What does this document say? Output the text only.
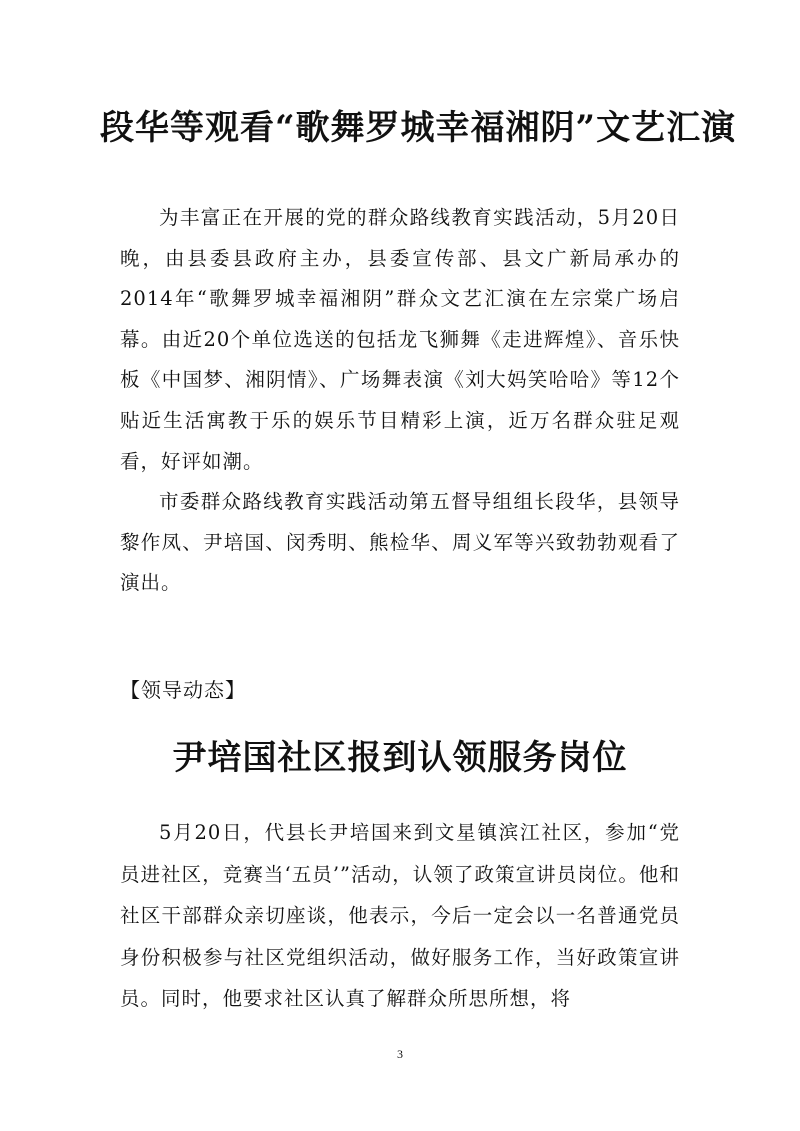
段华等观看“歌舞罗城幸福湘阴”文艺汇演

为丰富正在开展的党的群众路线教育实践活动，5月20日晚，由县委县政府主办，县委宣传部、县文广新局承办的2014年“歌舞罗城幸福湘阴”群众文艺汇演在左宗棠广场启幕。由近20个单位选送的包括龙飞狮舞《走进辉煌》、音乐快板《中国梦、湘阴情》、广场舞表演《刘大妈笑哈哈》等12个贴近生活寓教于乐的娱乐节目精彩上演，近万名群众驻足观看，好评如潮。

市委群众路线教育实践活动第五督导组组长段华，县领导黎作凤、尹培国、闵秀明、熊检华、周义军等兴致勃勃观看了演出。

【领导动态】
尹培国社区报到认领服务岗位

5月20日，代县长尹培国来到文星镇滨江社区，参加“党员进社区，竞赛当‘五员’”活动，认领了政策宣讲员岗位。他和社区干部群众亲切座谈，他表示，今后一定会以一名普通党员身份积极参与社区党组织活动，做好服务工作，当好政策宣讲员。同时，他要求社区认真了解群众所思所想，将

3
